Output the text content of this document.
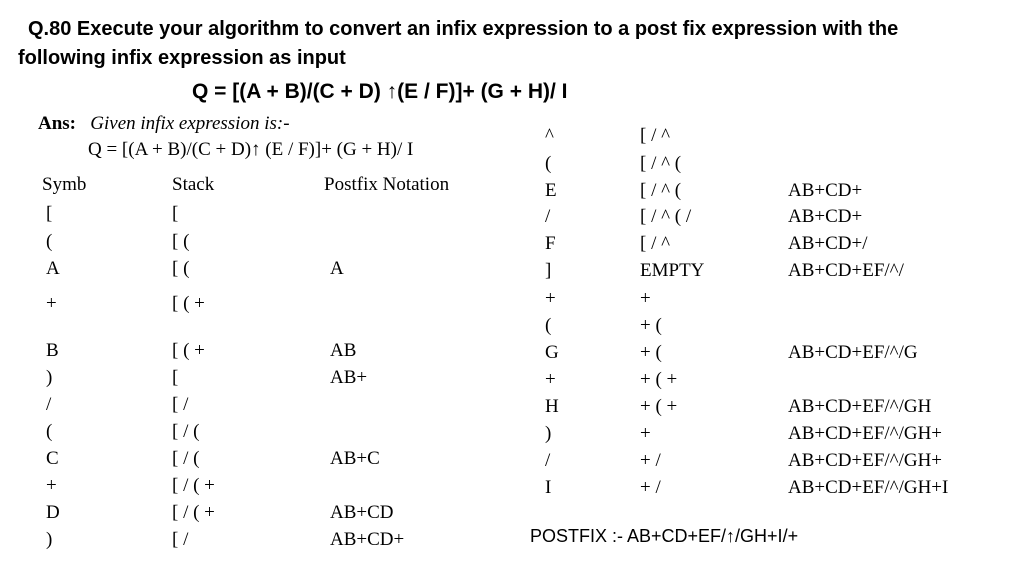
Q.80 Execute your algorithm to convert an infix expression to a post fix expression with the
following infix expression as input
Q = [(A + B)/(C + D) ↑(E / F)]+ (G + H)/ I
Ans: Given infix expression is:-
Q = [(A + B)/(C + D)↑ (E / F)]+ (G + H)/ I
Symb	Stack	Postfix Notation
[	[
(	[ (
A	[ (	A
+	[ ( +
B	[ ( +	AB
)	[	AB+
/	[ /
(	[ / (
C	[ / (	AB+C
+	[ / ( +
D	[ / ( +	AB+CD
)	[ /	AB+CD+
^	[ / ^
(	[ / ^ (
E	[ / ^ (	AB+CD+
/	[ / ^ ( /	AB+CD+
F	[ / ^	AB+CD+/
]	EMPTY	AB+CD+EF/^/
+	+
(	+ (
G	+ (	AB+CD+EF/^/G
+	+ ( +
H	+ ( +	AB+CD+EF/^/GH
)	+	AB+CD+EF/^/GH+
/	+ /	AB+CD+EF/^/GH+
I	+ /	AB+CD+EF/^/GH+I
POSTFIX :- AB+CD+EF/↑/GH+I/+
